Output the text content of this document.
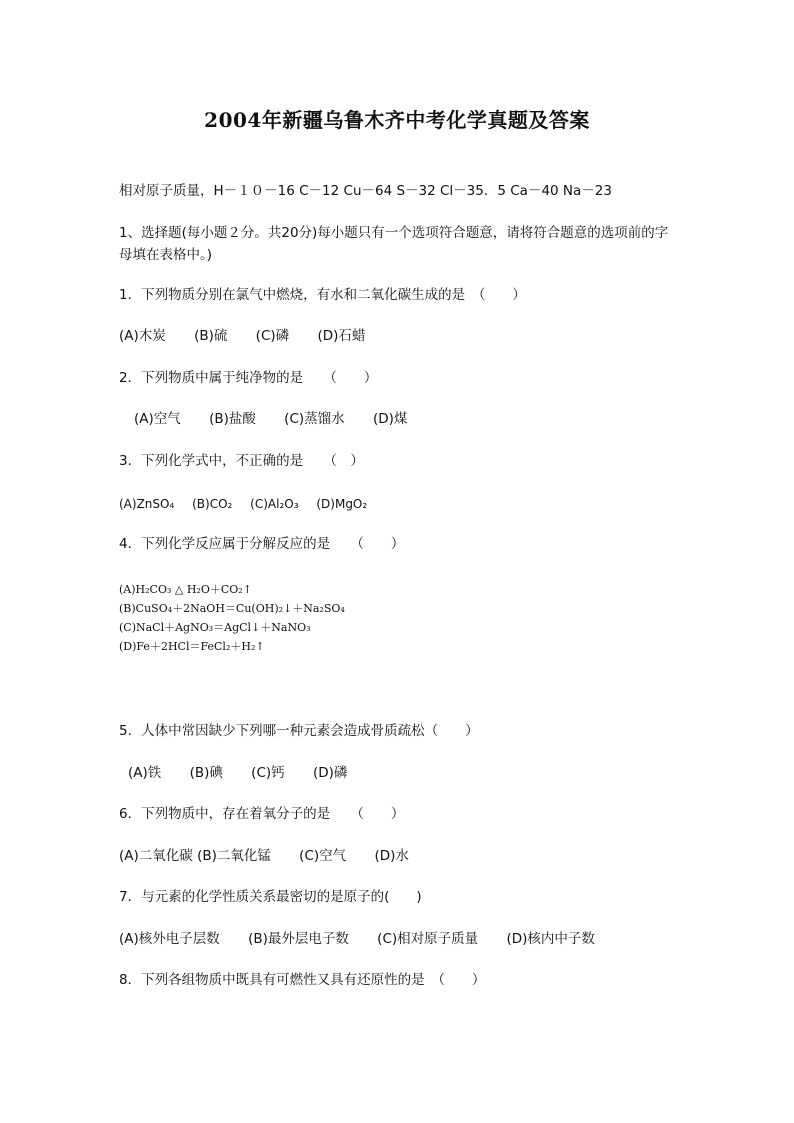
2004年新疆乌鲁木齐中考化学真题及答案
相对原子质量，H－１０－16 C－12 Cu－64 S－32 Cl－35．5 Ca－40 Na－23
1、选择题(每小题２分。共20分)每小题只有一个选项符合题意，请将符合题意的选项前的字母填在表格中。)
1．下列物质分别在氯气中燃烧，有水和二氧化碳生成的是　（　　）
(A)木炭 (B)硫 (C)磷 (D)石蜡
2．下列物质中属于纯净物的是　　（　　）
(A)空气 (B)盐酸 (C)蒸馏水 (D)煤
3．下列化学式中，不正确的是　　（　）
(A)ZnSO₄ (B)CO₂ (C)Al₂O₃ (D)MgO₂
4．下列化学反应属于分解反应的是　　（　　）
(A)H₂CO₃ △ H₂O＋CO₂↑
(B)CuSO₄＋2NaOH＝Cu(OH)₂↓＋Na₂SO₄
(C)NaCl＋AgNO₃＝AgCl↓＋NaNO₃
(D)Fe＋2HCl＝FeCl₂＋H₂↑
5．人体中常因缺少下列哪一种元素会造成骨质疏松（　　）
(A)铁 (B)碘 (C)钙 (D)磷
6．下列物质中，存在着氧分子的是　　（　　）
(A)二氧化碳 (B)二氧化锰 (C)空气 (D)水
7．与元素的化学性质关系最密切的是原子的(　　)
(A)核外电子层数 (B)最外层电子数 (C)相对原子质量 (D)核内中子数
8．下列各组物质中既具有可燃性又具有还原性的是　（　　）
